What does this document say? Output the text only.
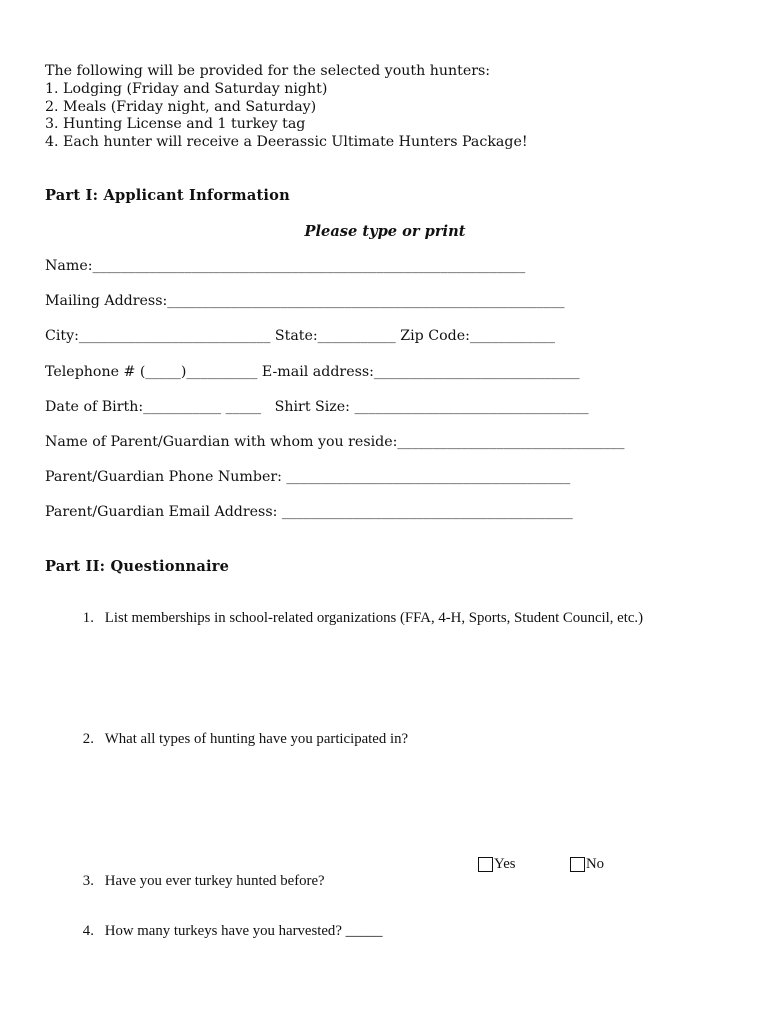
The following will be provided for the selected youth hunters:
1. Lodging (Friday and Saturday night)
2. Meals (Friday night, and Saturday)
3. Hunting License and 1 turkey tag
4. Each hunter will receive a Deerassic Ultimate Hunters Package!
Part I: Applicant Information
Please type or print
Name:_____________________________________________________________
Mailing Address:________________________________________________________
City:___________________________ State:___________ Zip Code:____________
Telephone # (_____)__________ E-mail address:_____________________________
Date of Birth:___________ _____   Shirt Size: _________________________________
Name of Parent/Guardian with whom you reside:________________________________
Parent/Guardian Phone Number: ________________________________________
Parent/Guardian Email Address: _________________________________________
Part II: Questionnaire

1. List memberships in school-related organizations (FFA, 4-H, Sports, Student Council, etc.)

2. What all types of hunting have you participated in?

3. Have you ever turkey hunted before?

Yes	No

4. How many turkeys have you harvested? _____
